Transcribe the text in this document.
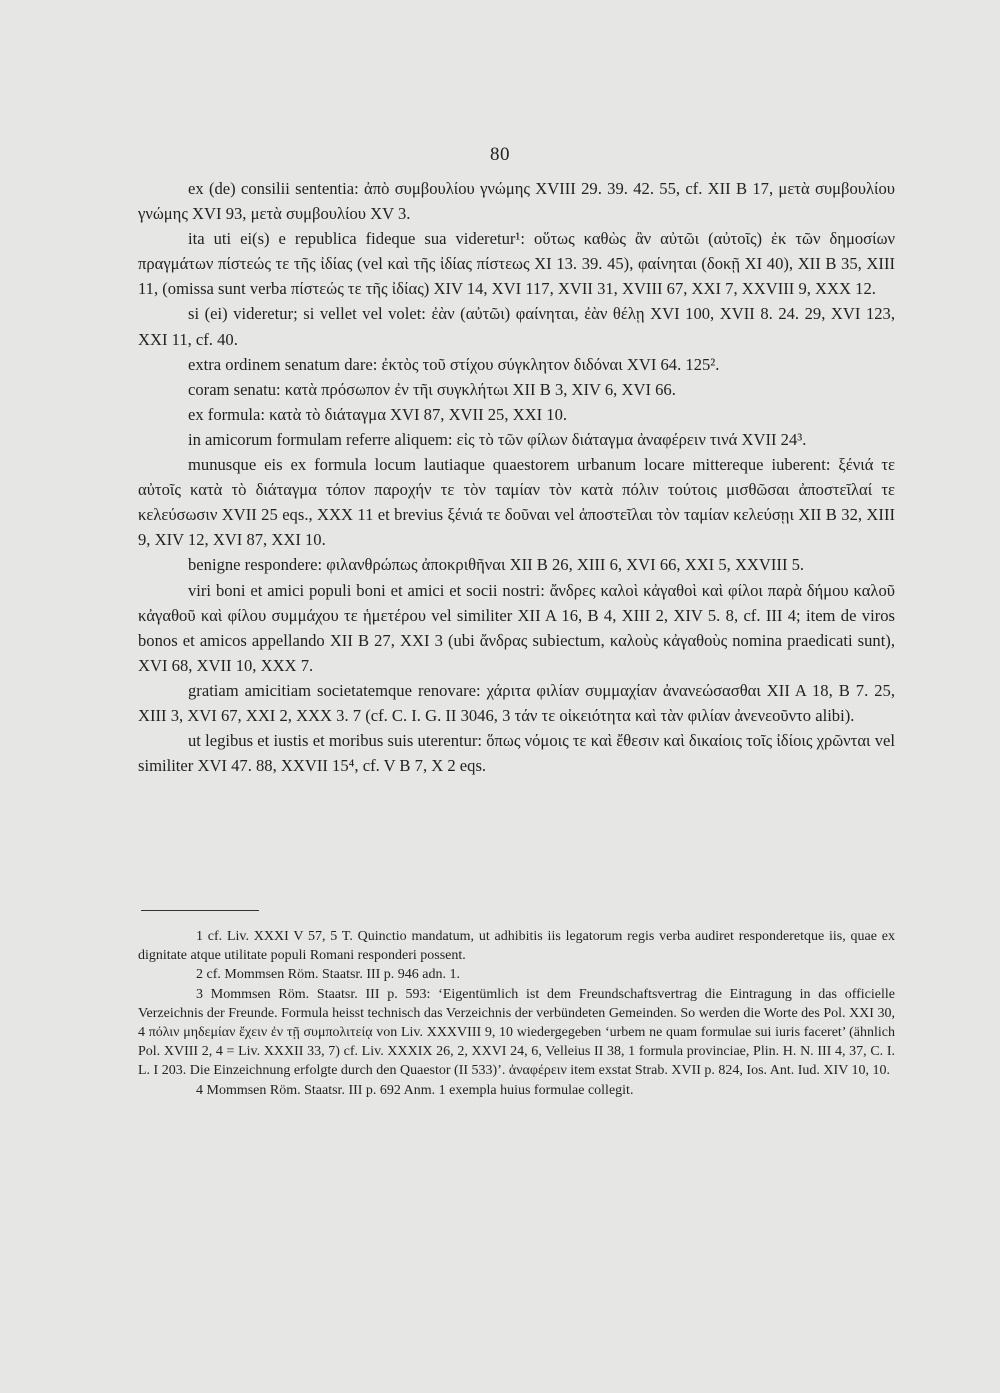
80

ex (de) consilii sententia: ἀπὸ συμβουλίου γνώμης XVIII 29. 39. 42. 55, cf. XII B 17, μετὰ συμβουλίου γνώμης XVI 93, μετὰ συμβουλίου XV 3.

ita uti ei(s) e republica fideque sua videretur¹: οὕτως καθὼς ἂν αὐτῶι (αὐτοῖς) ἐκ τῶν δημοσίων πραγμάτων πίστεώς τε τῆς ἰδίας (vel καὶ τῆς ἰδίας πίστεως XI 13. 39. 45), φαίνηται (δοκῇ XI 40), XII B 35, XIII 11, (omissa sunt verba πίστεώς τε τῆς ἰδίας) XIV 14, XVI 117, XVII 31, XVIII 67, XXI 7, XXVIII 9, XXX 12.

si (ei) videretur; si vellet vel volet: ἐὰν (αὐτῶι) φαίνηται, ἐὰν θέλῃ XVI 100, XVII 8. 24. 29, XVI 123, XXI 11, cf. 40.

extra ordinem senatum dare: ἐκτὸς τοῦ στίχου σύγκλητον διδόναι XVI 64. 125².

coram senatu: κατὰ πρόσωπον ἐν τῆι συγκλήτωι XII B 3, XIV 6, XVI 66.

ex formula: κατὰ τὸ διάταγμα XVI 87, XVII 25, XXI 10.

in amicorum formulam referre aliquem: εἰς τὸ τῶν φίλων διάταγμα ἀναφέρειν τινά XVII 24³.

munusque eis ex formula locum lautiaque quaestorem urbanum locare mittereque iuberent: ξένιά τε αὐτοῖς κατὰ τὸ διάταγμα τόπον παροχήν τε τὸν ταμίαν τὸν κατὰ πόλιν τούτοις μισθῶσαι ἀποστεῖλαί τε κελεύσωσιν XVII 25 eqs., XXX 11 et brevius ξένιά τε δοῦναι vel ἀποστεῖλαι τὸν ταμίαν κελεύσῃι XII B 32, XIII 9, XIV 12, XVI 87, XXI 10.

benigne respondere: φιλανθρώπως ἀποκριθῆναι XII B 26, XIII 6, XVI 66, XXI 5, XXVIII 5.

viri boni et amici populi boni et amici et socii nostri: ἄνδρες καλοὶ κἀγαθοὶ καὶ φίλοι παρὰ δήμου καλοῦ κἀγαθοῦ καὶ φίλου συμμάχου τε ἡμετέρου vel similiter XII A 16, B 4, XIII 2, XIV 5. 8, cf. III 4; item de viros bonos et amicos appellando XII B 27, XXI 3 (ubi ἄνδρας subiectum, καλοὺς κἀγαθοὺς nomina praedicati sunt), XVI 68, XVII 10, XXX 7.

gratiam amicitiam societatemque renovare: χάριτα φιλίαν συμμαχίαν ἀνανεώσασθαι XII A 18, B 7. 25, XIII 3, XVI 67, XXI 2, XXX 3. 7 (cf. C. I. G. II 3046, 3 τάν τε οἰκειότητα καὶ τὰν φιλίαν ἀνενεοῦντο alibi).

ut legibus et iustis et moribus suis uterentur: ὅπως νόμοις τε καὶ ἔθεσιν καὶ δικαίοις τοῖς ἰδίοις χρῶνται vel similiter XVI 47. 88, XXVII 15⁴, cf. V B 7, X 2 eqs.

1 cf. Liv. XXXI V 57, 5 T. Quinctio mandatum, ut adhibitis iis legatorum regis verba audiret responderetque iis, quae ex dignitate atque utilitate populi Romani responderi possent.

2 cf. Mommsen Röm. Staatsr. III p. 946 adn. 1.

3 Mommsen Röm. Staatsr. III p. 593: ‘Eigentümlich ist dem Freundschaftsvertrag die Eintragung in das officielle Verzeichnis der Freunde. Formula heisst technisch das Verzeichnis der verbündeten Gemeinden. So werden die Worte des Pol. XXI 30, 4 πόλιν μηδεμίαν ἔχειν ἐν τῇ συμπολιτείᾳ von Liv. XXXVIII 9, 10 wiedergegeben ‘urbem ne quam formulae sui iuris faceret’ (ähnlich Pol. XVIII 2, 4 = Liv. XXXII 33, 7) cf. Liv. XXXIX 26, 2, XXVI 24, 6, Velleius II 38, 1 formula provinciae, Plin. H. N. III 4, 37, C. I. L. I 203. Die Einzeichnung erfolgte durch den Quaestor (II 533)’. ἀναφέρειν item exstat Strab. XVII p. 824, Ios. Ant. Iud. XIV 10, 10.

4 Mommsen Röm. Staatsr. III p. 692 Anm. 1 exempla huius formulae collegit.
